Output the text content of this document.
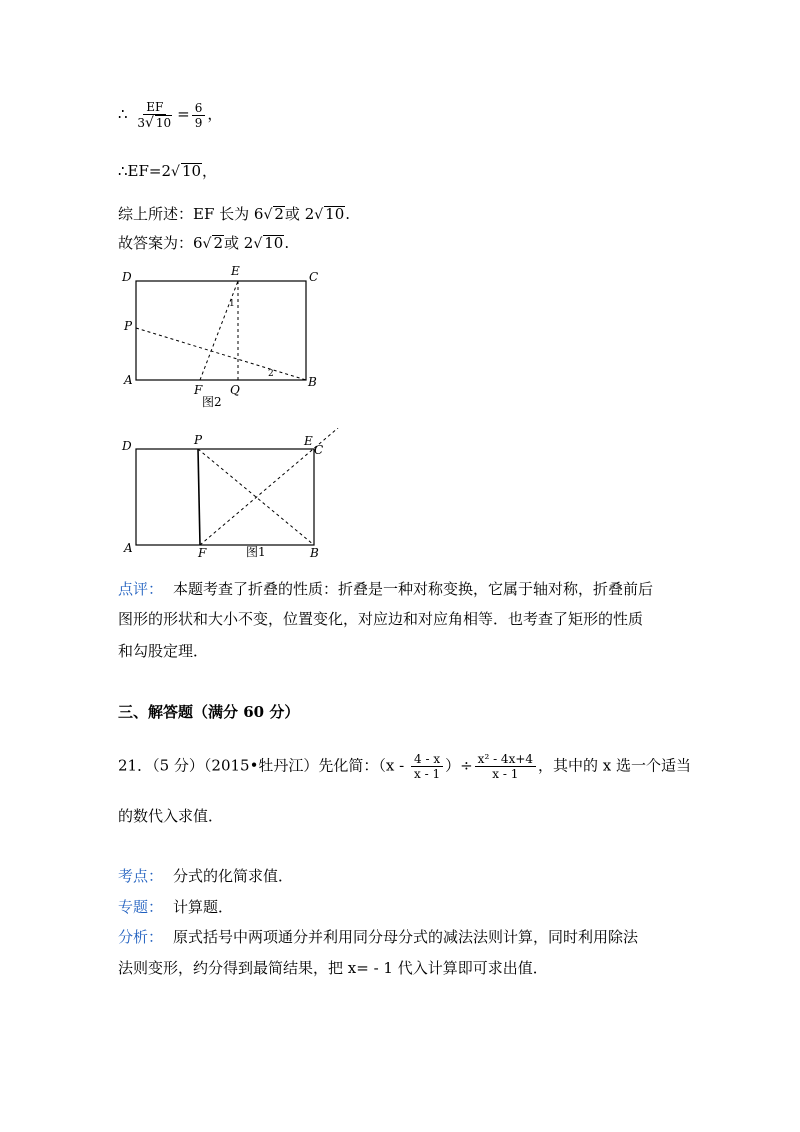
∴ $\frac{EF}{3√ 10} = \frac{6}{9}$ ，
∴EF=2√ 10，
综上所述：EF 长为 6√ 2或 2√ 10.
故答案为：6√ 2或 2√ 10.
D	E	C
P
A
F Q
B
1
2
图2
D	P	E
C
A	F	B
图1
点评： 本题考查了折叠的性质：折叠是一种对称变换，它属于轴对称，折叠前后
图形的形状和大小不变，位置变化，对应边和对应角相等．也考查了矩形的性质
和勾股定理．
三、解答题（满分 60 分）
21．（5 分）（2015•牡丹江）先化简：（$x - \frac{4 - x}{x - 1}$ ）÷ $\frac{\text{x² - 4x+4}}{x - 1}$ ，其中的 x 选一个适当
的数代入求值．
考点： 分式的化简求值．
专题： 计算题．
分析： 原式括号中两项通分并利用同分母分式的减法法则计算，同时利用除法
法则变形，约分得到最简结果，把 x= - 1 代入计算即可求出值．
